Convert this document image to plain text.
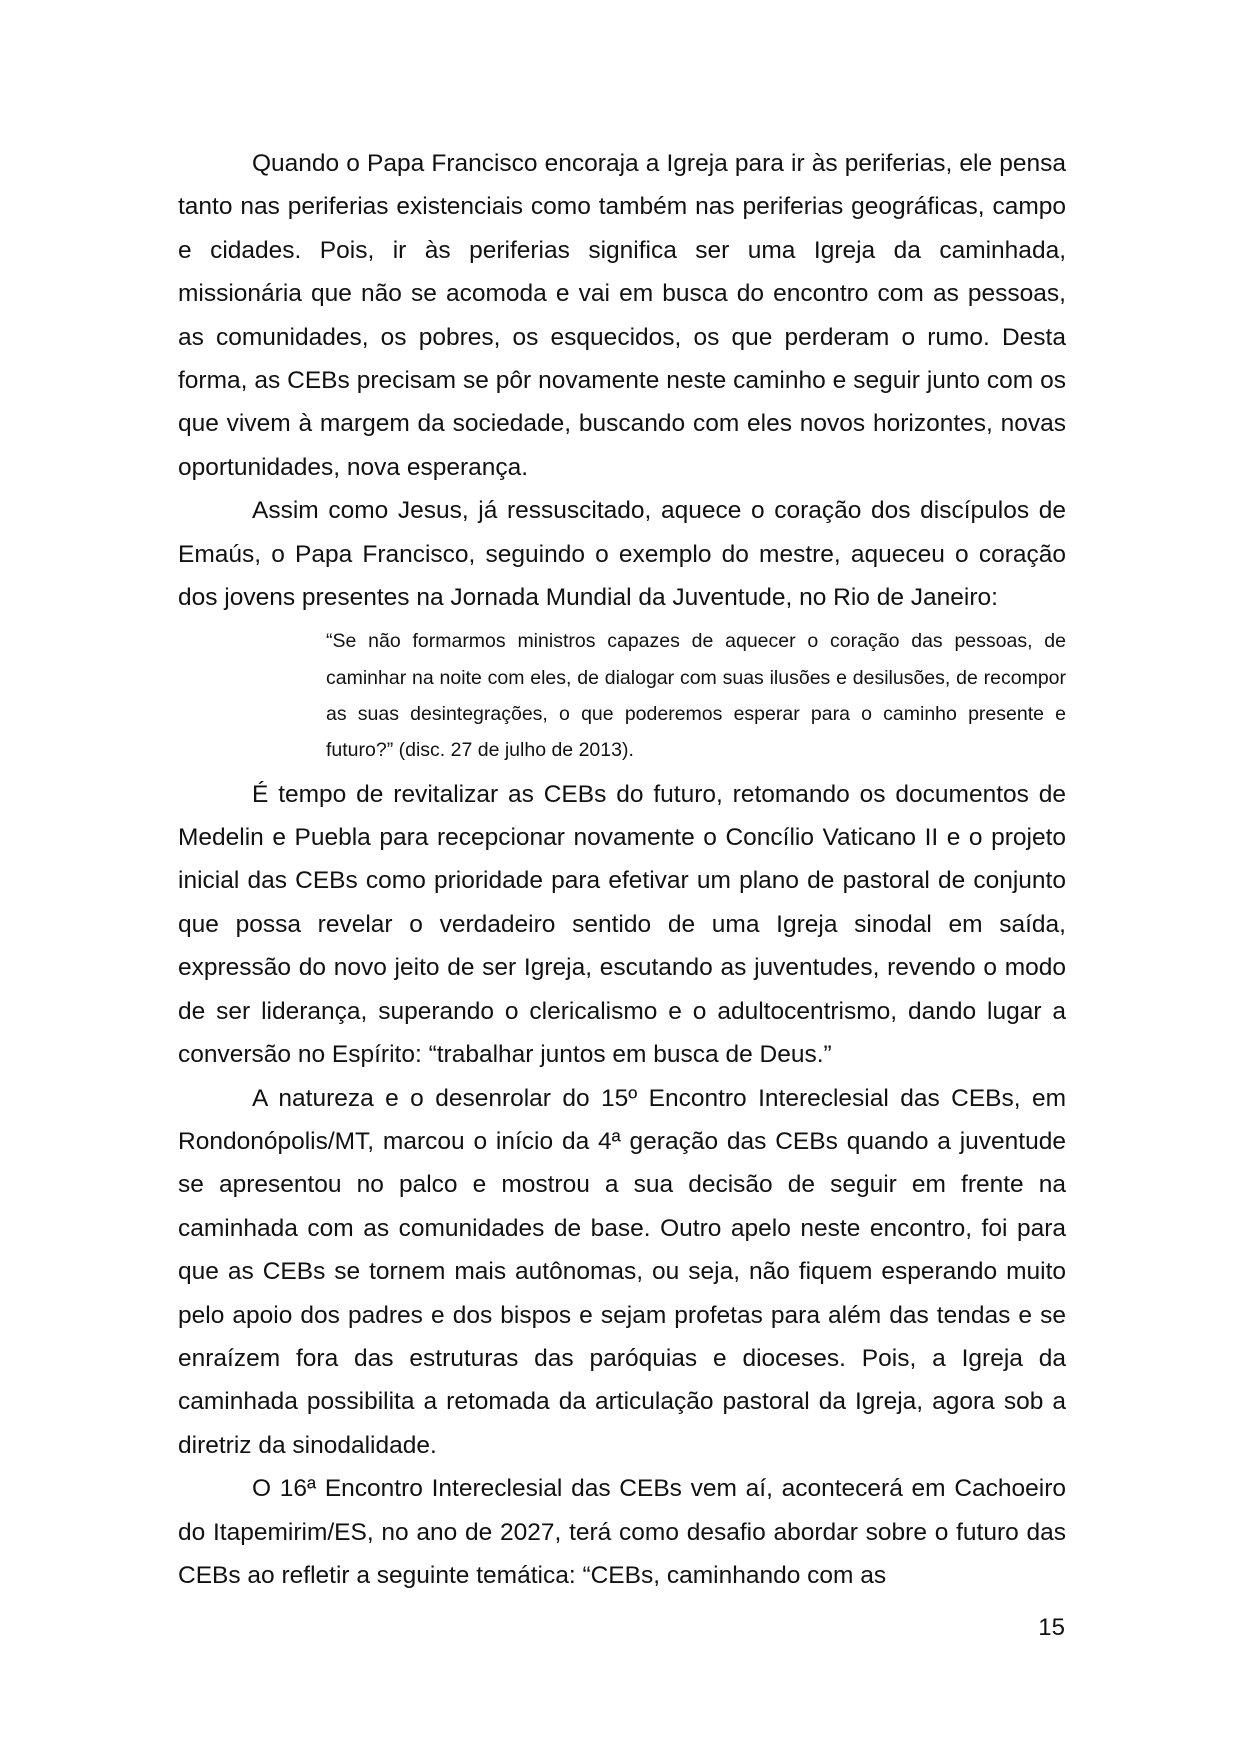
Quando o Papa Francisco encoraja a Igreja para ir às periferias, ele pensa tanto nas periferias existenciais como também nas periferias geográficas, campo e cidades. Pois, ir às periferias significa ser uma Igreja da caminhada, missionária que não se acomoda e vai em busca do encontro com as pessoas, as comunidades, os pobres, os esquecidos, os que perderam o rumo. Desta forma, as CEBs precisam se pôr novamente neste caminho e seguir junto com os que vivem à margem da sociedade, buscando com eles novos horizontes, novas oportunidades, nova esperança.

Assim como Jesus, já ressuscitado, aquece o coração dos discípulos de Emaús, o Papa Francisco, seguindo o exemplo do mestre, aqueceu o coração dos jovens presentes na Jornada Mundial da Juventude, no Rio de Janeiro:

“Se não formarmos ministros capazes de aquecer o coração das pessoas, de caminhar na noite com eles, de dialogar com suas ilusões e desilusões, de recompor as suas desintegrações, o que poderemos esperar para o caminho presente e futuro?” (disc. 27 de julho de 2013).

É tempo de revitalizar as CEBs do futuro, retomando os documentos de Medelin e Puebla para recepcionar novamente o Concílio Vaticano II e o projeto inicial das CEBs como prioridade para efetivar um plano de pastoral de conjunto que possa revelar o verdadeiro sentido de uma Igreja sinodal em saída, expressão do novo jeito de ser Igreja, escutando as juventudes, revendo o modo de ser liderança, superando o clericalismo e o adultocentrismo, dando lugar a conversão no Espírito: “trabalhar juntos em busca de Deus.”

A natureza e o desenrolar do 15º Encontro Intereclesial das CEBs, em Rondonópolis/MT, marcou o início da 4ª geração das CEBs quando a juventude se apresentou no palco e mostrou a sua decisão de seguir em frente na caminhada com as comunidades de base. Outro apelo neste encontro, foi para que as CEBs se tornem mais autônomas, ou seja, não fiquem esperando muito pelo apoio dos padres e dos bispos e sejam profetas para além das tendas e se enraízem fora das estruturas das paróquias e dioceses. Pois, a Igreja da caminhada possibilita a retomada da articulação pastoral da Igreja, agora sob a diretriz da sinodalidade.

O 16ª Encontro Intereclesial das CEBs vem aí, acontecerá em Cachoeiro do Itapemirim/ES, no ano de 2027, terá como desafio abordar sobre o futuro das CEBs ao refletir a seguinte temática: “CEBs, caminhando com as

15
